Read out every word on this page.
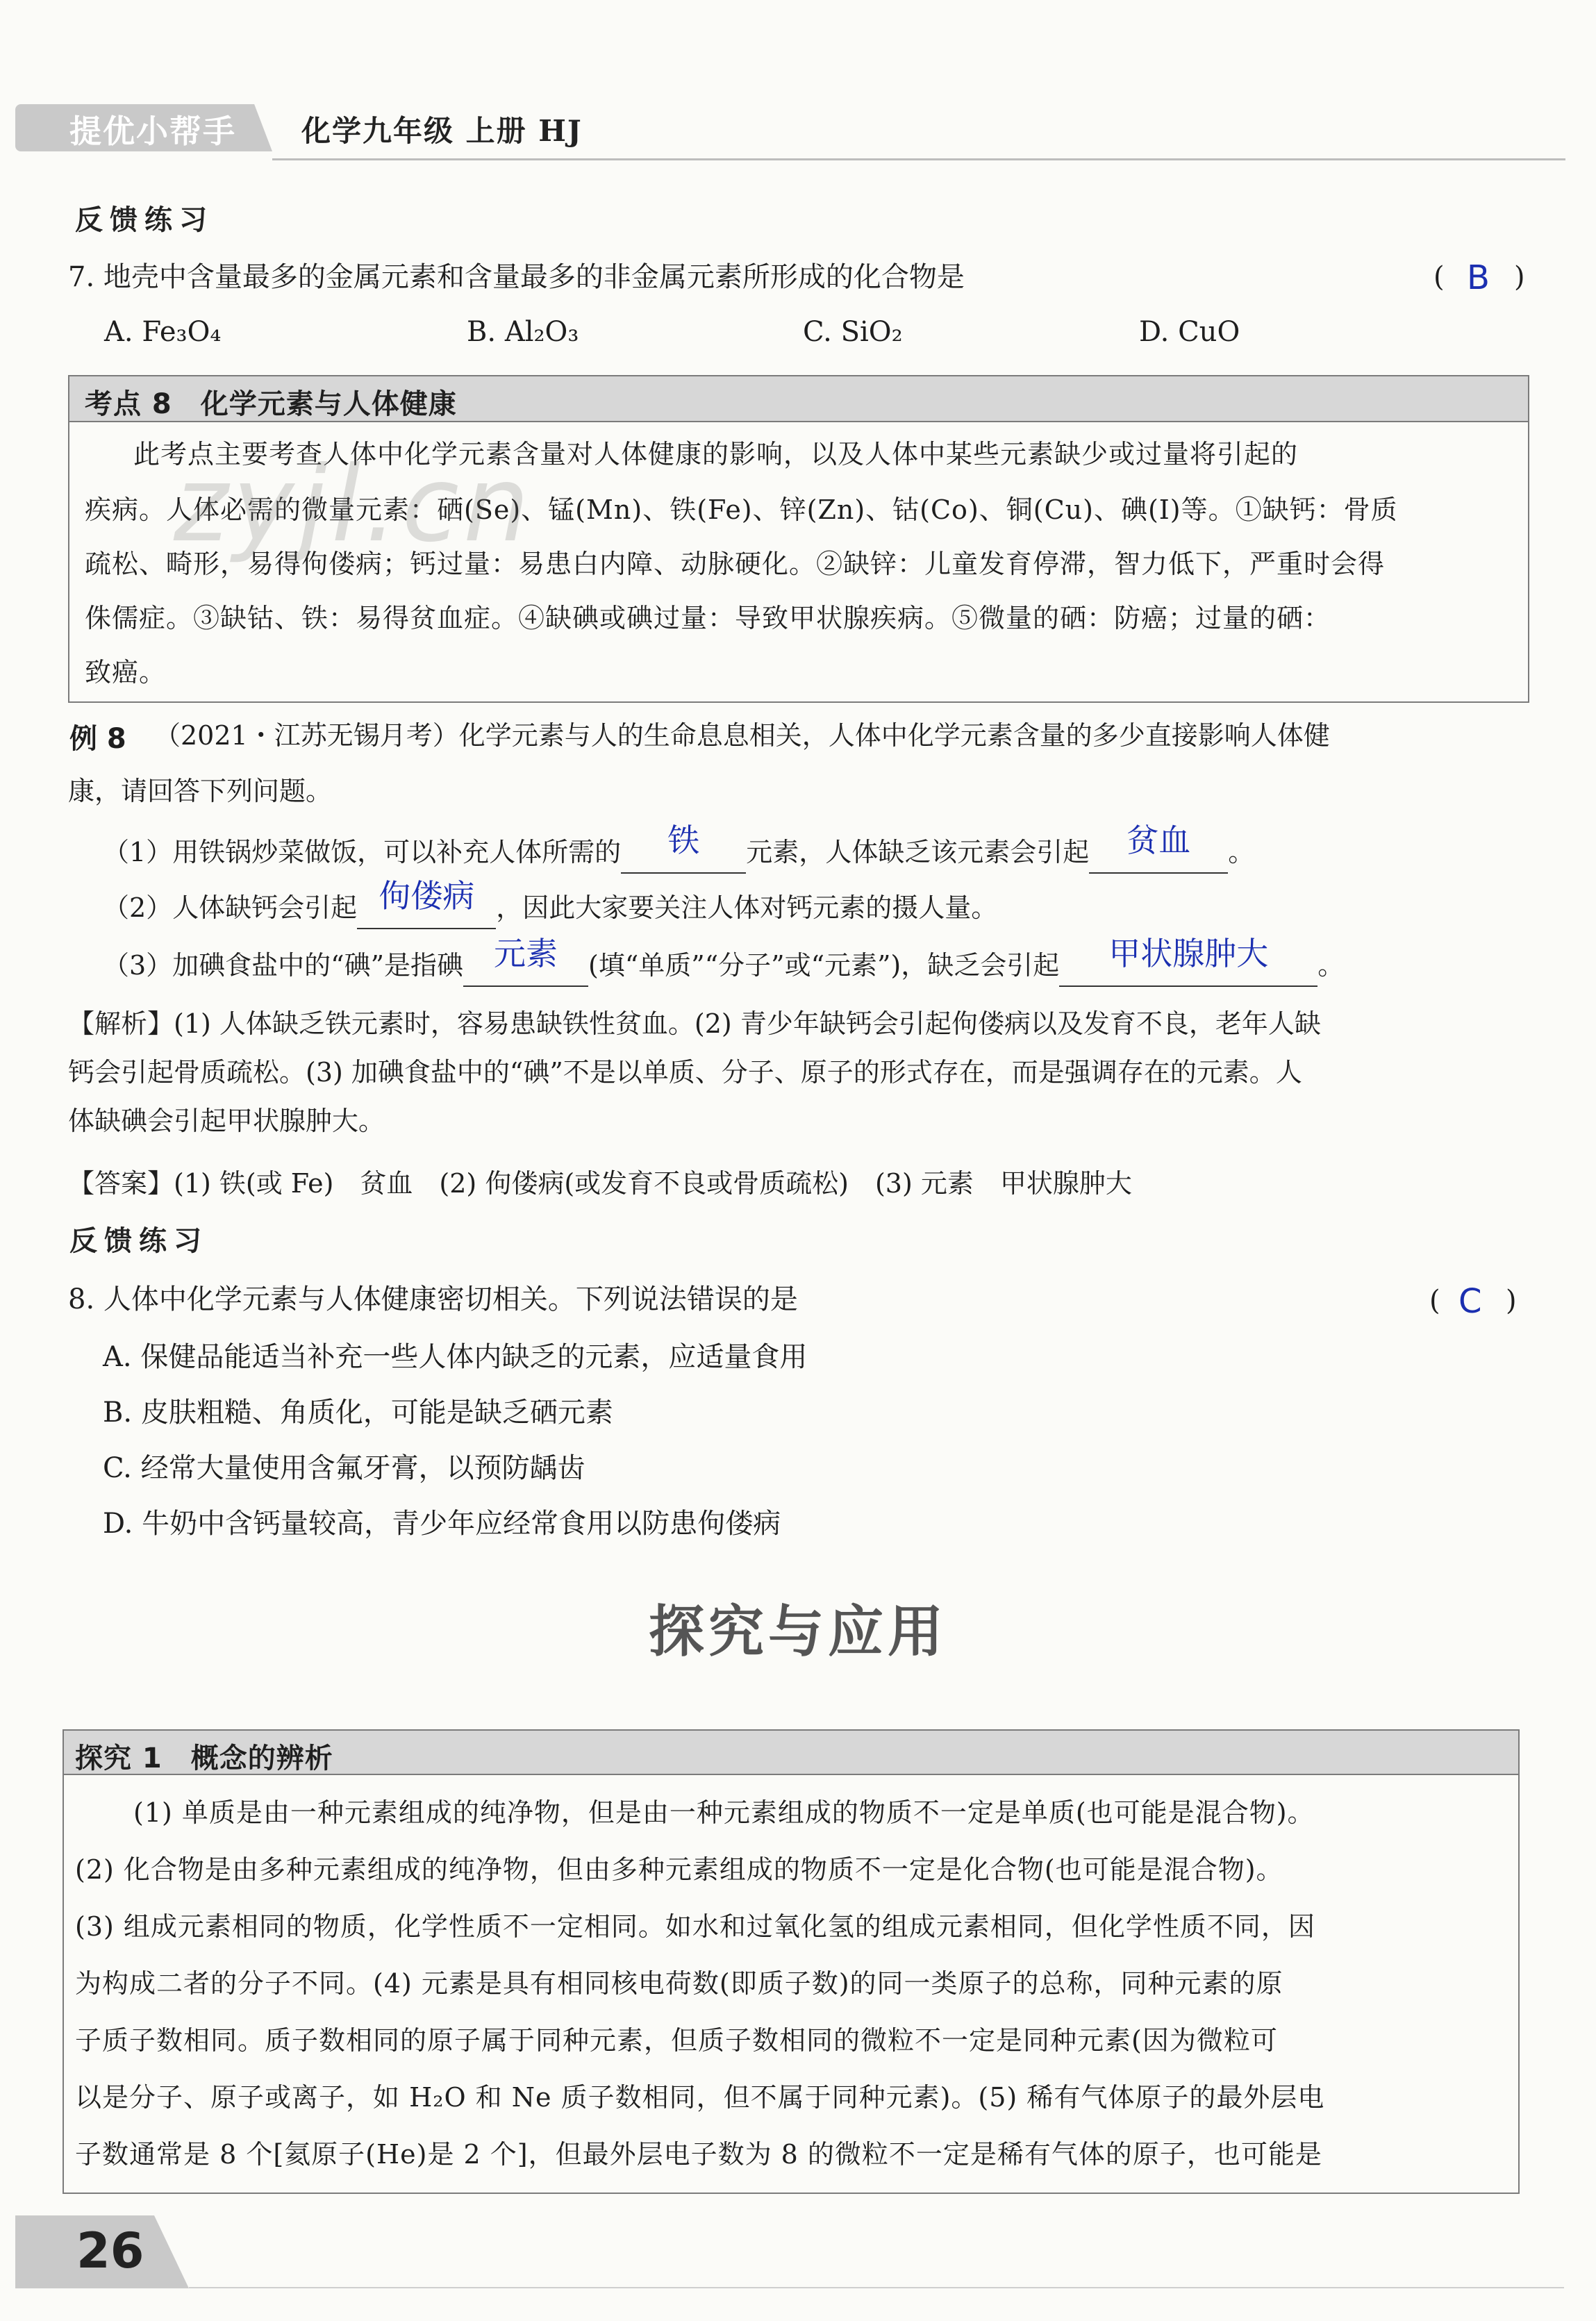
提优小帮手 化学九年级 上册 HJ
反馈练习
7. 地壳中含量最多的金属元素和含量最多的非金属元素所形成的化合物是	( B )
A. Fe₃O₄	B. Al₂O₃	C. SiO₂	D. CuO
考点 8　化学元素与人体健康
此考点主要考查人体中化学元素含量对人体健康的影响，以及人体中某些元素缺少或过量将引起的
疾病。人体必需的微量元素：硒(Se)、锰(Mn)、铁(Fe)、锌(Zn)、钴(Co)、铜(Cu)、碘(I)等。①缺钙：骨质
疏松、畸形，易得佝偻病；钙过量：易患白内障、动脉硬化。②缺锌：儿童发育停滞，智力低下，严重时会得
侏儒症。③缺钴、铁：易得贫血症。④缺碘或碘过量：导致甲状腺疾病。⑤微量的硒：防癌；过量的硒：
致癌。
zyjl.cn
例 8 （2021・江苏无锡月考）化学元素与人的生命息息相关，人体中化学元素含量的多少直接影响人体健
康，请回答下列问题。
（1）用铁锅炒菜做饭，可以补充人体所需的 铁 元素，人体缺乏该元素会引起 贫血 。
（2）人体缺钙会引起 佝偻病 ，因此大家要关注人体对钙元素的摄人量。
（3）加碘食盐中的“碘”是指碘 元素 (填“单质”“分子”或“元素”)，缺乏会引起 甲状腺肿大 。
【解析】(1) 人体缺乏铁元素时，容易患缺铁性贫血。(2) 青少年缺钙会引起佝偻病以及发育不良，老年人缺
钙会引起骨质疏松。(3) 加碘食盐中的“碘”不是以单质、分子、原子的形式存在，而是强调存在的元素。人
体缺碘会引起甲状腺肿大。
【答案】(1) 铁(或 Fe)　贫血　(2) 佝偻病(或发育不良或骨质疏松)　(3) 元素　甲状腺肿大
反馈练习
8. 人体中化学元素与人体健康密切相关。下列说法错误的是	( C )
A. 保健品能适当补充一些人体内缺乏的元素，应适量食用
B. 皮肤粗糙、角质化，可能是缺乏硒元素
C. 经常大量使用含氟牙膏，以预防龋齿
D. 牛奶中含钙量较高，青少年应经常食用以防患佝偻病
探究与应用
探究 1　概念的辨析
(1) 单质是由一种元素组成的纯净物，但是由一种元素组成的物质不一定是单质(也可能是混合物)。
(2) 化合物是由多种元素组成的纯净物，但由多种元素组成的物质不一定是化合物(也可能是混合物)。
(3) 组成元素相同的物质，化学性质不一定相同。如水和过氧化氢的组成元素相同，但化学性质不同，因
为构成二者的分子不同。(4) 元素是具有相同核电荷数(即质子数)的同一类原子的总称，同种元素的原
子质子数相同。质子数相同的原子属于同种元素，但质子数相同的微粒不一定是同种元素(因为微粒可
以是分子、原子或离子，如 H₂O 和 Ne 质子数相同，但不属于同种元素)。(5) 稀有气体原子的最外层电
子数通常是 8 个[氦原子(He)是 2 个]，但最外层电子数为 8 的微粒不一定是稀有气体的原子，也可能是
26
